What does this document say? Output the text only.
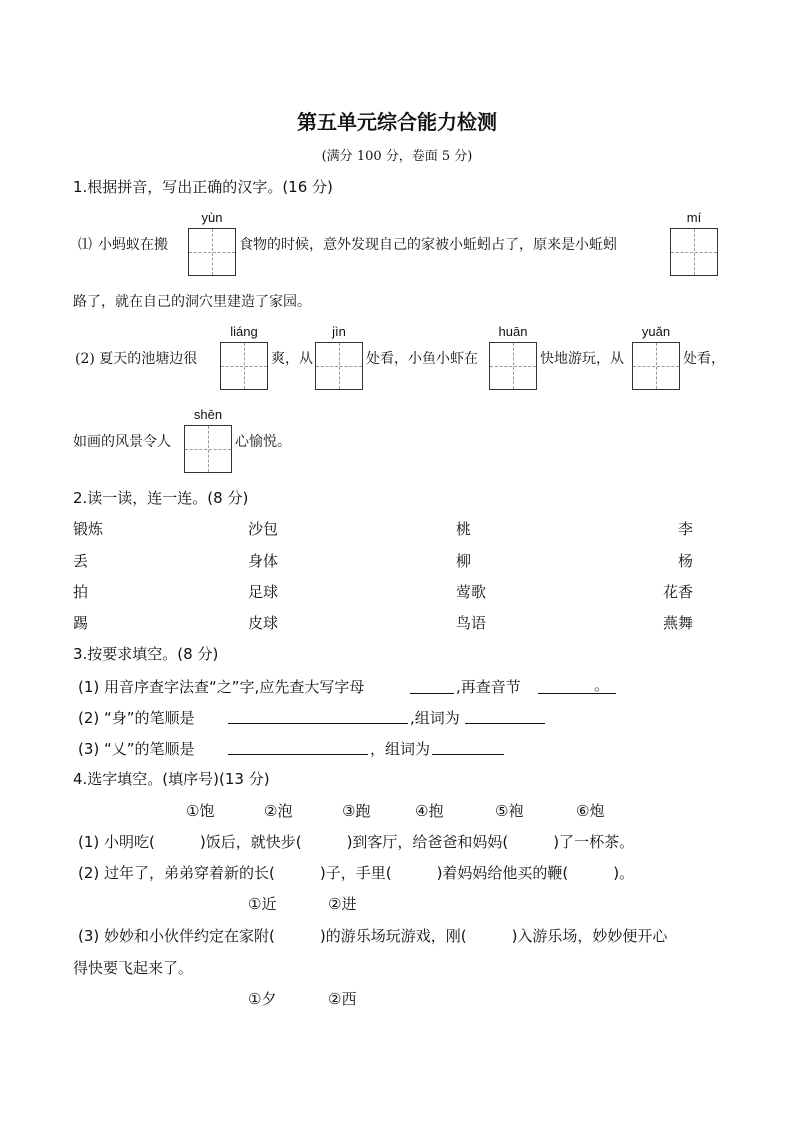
第五单元综合能力检测
(满分 100 分，卷面 5 分)
1.根据拼音，写出正确的汉字。(16 分)
⑴ 小蚂蚁在搬
yùn
食物的时候，意外发现自己的家被小蚯蚓占了，原来是小蚯蚓
mí
路了，就在自己的洞穴里建造了家园。
(2) 夏天的池塘边很
liáng
爽，从
jìn
处看，小鱼小虾在
huān
快地游玩，从
yuǎn
处看，
如画的风景令人
shēn
心愉悦。
2.读一读，连一连。(8 分)
锻炼	沙包	桃	李
丢	身体	柳	杨
拍	足球	莺歌	花香
踢	皮球	鸟语	燕舞
3.按要求填空。(8 分)
(1) 用音序查字法查“之”字,应先查大写字母	,再查音节	。
(2) “身”的笔顺是	,组词为
(3) “乂”的笔顺是	，组词为
4.选字填空。(填序号)(13 分)
①饱	②泡	③跑	④抱	⑤袍	⑥炮
(1) 小明吃(　　　)饭后，就快步(　　　)到客厅，给爸爸和妈妈(　　　)了一杯茶。
(2) 过年了，弟弟穿着新的长(　　　)子，手里(　　　)着妈妈给他买的鞭(　　　)。
①近	②进
(3) 妙妙和小伙伴约定在家附(　　　)的游乐场玩游戏，刚(　　　)入游乐场，妙妙便开心
得快要飞起来了。
①夕	②西
